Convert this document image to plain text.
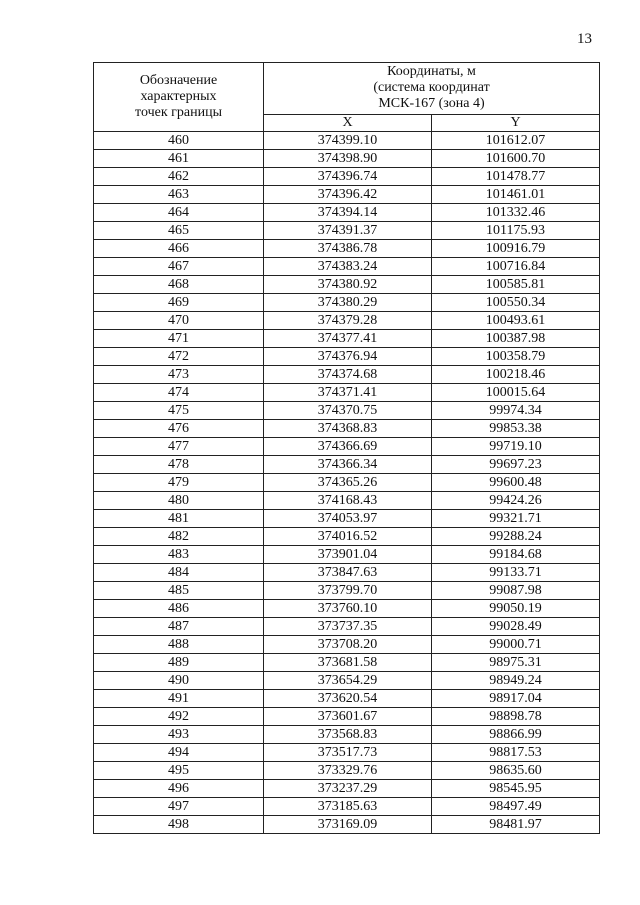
13
Обозначение
характерных
точек границы	Координаты, м
(система координат
МСК-167 (зона 4)	
	X	Y
460	374399.10	101612.07
461	374398.90	101600.70
462	374396.74	101478.77
463	374396.42	101461.01
464	374394.14	101332.46
465	374391.37	101175.93
466	374386.78	100916.79
467	374383.24	100716.84
468	374380.92	100585.81
469	374380.29	100550.34
470	374379.28	100493.61
471	374377.41	100387.98
472	374376.94	100358.79
473	374374.68	100218.46
474	374371.41	100015.64
475	374370.75	99974.34
476	374368.83	99853.38
477	374366.69	99719.10
478	374366.34	99697.23
479	374365.26	99600.48
480	374168.43	99424.26
481	374053.97	99321.71
482	374016.52	99288.24
483	373901.04	99184.68
484	373847.63	99133.71
485	373799.70	99087.98
486	373760.10	99050.19
487	373737.35	99028.49
488	373708.20	99000.71
489	373681.58	98975.31
490	373654.29	98949.24
491	373620.54	98917.04
492	373601.67	98898.78
493	373568.83	98866.99
494	373517.73	98817.53
495	373329.76	98635.60
496	373237.29	98545.95
497	373185.63	98497.49
498	373169.09	98481.97
